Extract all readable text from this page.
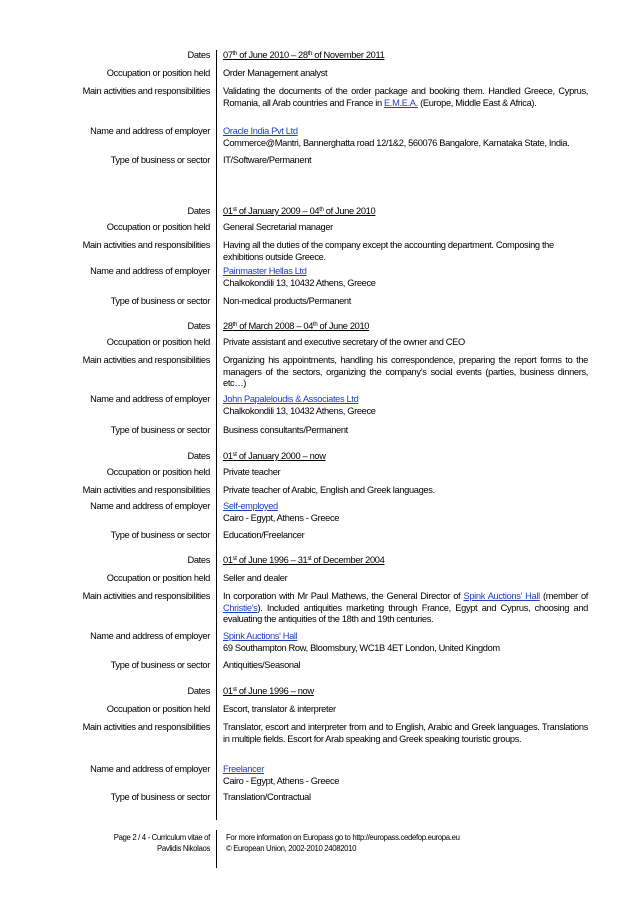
Dates 07th of June 2010 – 28th of November 2011
Occupation or position held Order Management analyst
Main activities and responsibilities Validating the documents of the order package and booking them. Handled Greece, Cyprus, Romania, all Arab countries and France in E.M.E.A. (Europe, Middle East & Africa).
Name and address of employer Oracle India Pvt Ltd
Commerce@Mantri, Bannerghatta road 12/1&2, 560076 Bangalore, Karnataka State, India.
Type of business or sector IT/Software/Permanent
Dates 01st of January 2009 – 04th of June 2010
Occupation or position held General Secretarial manager
Main activities and responsibilities Having all the duties of the company except the accounting department. Composing the exhibitions outside Greece.
Name and address of employer Painmaster Hellas Ltd
Chalkokondili 13, 10432 Athens, Greece
Type of business or sector Non-medical products/Permanent
Dates 28th of March 2008 – 04th of June 2010
Occupation or position held Private assistant and executive secretary of the owner and CEO
Main activities and responsibilities Organizing his appointments, handling his correspondence, preparing the report forms to the managers of the sectors, organizing the company’s social events (parties, business dinners, etc…)
Name and address of employer John Papaleloudis & Associates Ltd
Chalkokondili 13, 10432 Athens, Greece
Type of business or sector Business consultants/Permanent
Dates 01st of January 2000 – now
Occupation or position held Private teacher
Main activities and responsibilities Private teacher of Arabic, English and Greek languages.
Name and address of employer Self-employed
Cairo - Egypt, Athens - Greece
Type of business or sector Education/Freelancer
Dates 01st of June 1996 – 31st of December 2004
Occupation or position held Seller and dealer
Main activities and responsibilities In corporation with Mr Paul Mathews, the General Director of Spink Auctions' Hall (member of Christie's). Included antiquities marketing through France, Egypt and Cyprus, choosing and evaluating the antiquities of the 18th and 19th centuries.
Name and address of employer Spink Auctions' Hall
69 Southampton Row, Bloomsbury, WC1B 4ET London, United Kingdom
Type of business or sector Antiquities/Seasonal
Dates 01st of June 1996 – now
Occupation or position held Escort, translator & interpreter
Main activities and responsibilities Translator, escort and interpreter from and to English, Arabic and Greek languages. Translations in multiple fields. Escort for Arab speaking and Greek speaking touristic groups.
Name and address of employer Freelancer
Cairo - Egypt, Athens - Greece
Type of business or sector Translation/Contractual
Page 2 / 4 - Curriculum vitae of
Pavlidis Nikolaos
For more information on Europass go to http://europass.cedefop.europa.eu
© European Union, 2002-2010 24082010
